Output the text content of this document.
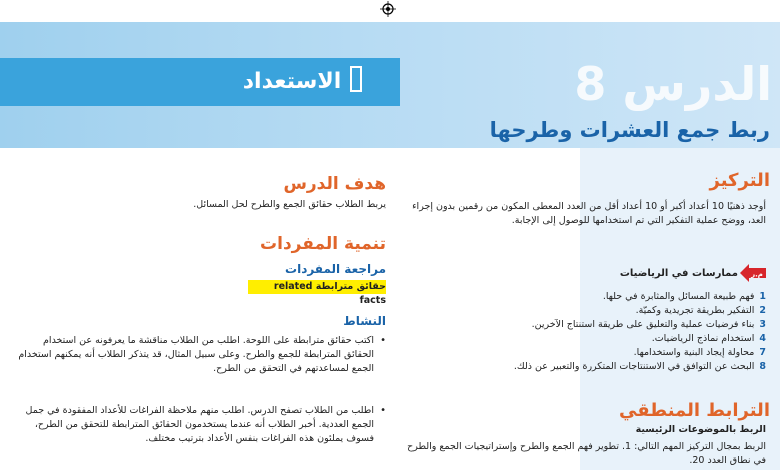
الاستعداد	الدرس 8
ربط جمع العشرات وطرحها
التركيز
أوجد ذهنيًا 10 أعداد أكبر أو 10 أعداد أقل من العدد المعطى المكون من رقمين بدون إجراء العد، ووضح عملية التفكير التي تم استخدامها للوصول إلى الإجابة.
م.ر
ممارسات في الرياضيات
1فهم طبيعة المسائل والمثابرة في حلها.
2التفكير بطريقة تجريدية وكميّة.
3بناء فرضيات عملية والتعليق على طريقة استنتاج الآخرين.
4استخدام نماذج الرياضيات.
7محاولة إيجاد البنية واستخدامها.
8البحث عن التوافق في الاستنتاجات المتكررة والتعبير عن ذلك.
الترابط المنطقي
الربط بالموضوعات الرئيسية
الربط بمجال التركيز المهم التالي: 1. تطوير فهم الجمع والطرح وإستراتيجيات الجمع والطرح في نطاق العدد 20.
هدف الدرس
يربط الطلاب حقائق الجمع والطرح لحل المسائل.
تنمية المفردات
مراجعة المفردات
حقائق مترابطة related facts
النشاط
•
اكتب حقائق مترابطة على اللوحة. اطلب من الطلاب مناقشة ما يعرفونه عن استخدام الحقائق المترابطة للجمع والطرح. وعلى سبيل المثال، قد يتذكر الطلاب أنه يمكنهم استخدام الجمع لمساعدتهم في التحقق من الطرح.
•
اطلب من الطلاب تصفح الدرس. اطلب منهم ملاحظة الفراغات للأعداد المفقودة في جمل الجمع العددية. أخبر الطلاب أنه عندما يستخدمون الحقائق المترابطة للتحقق من الطرح، فسوف يملئون هذه الفراغات بنفس الأعداد بترتيب مختلف.
